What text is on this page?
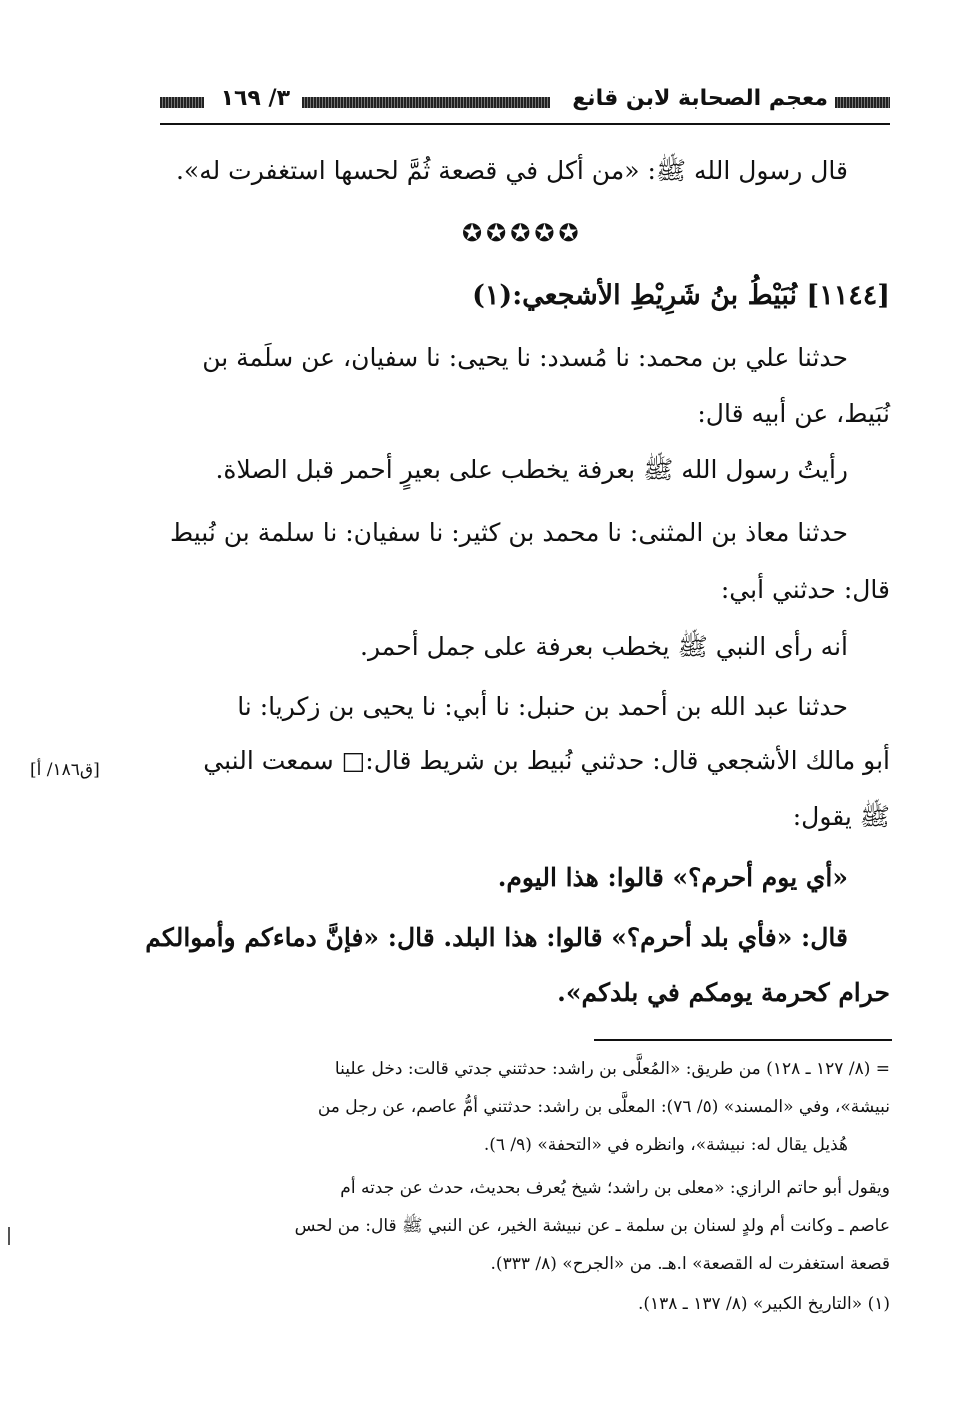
معجم الصحابة لابن قانع
٣/ ١٦٩
قال رسول الله ﷺ: «من أكل في قصعة ثُمَّ لحسها استغفرت له».
✪✪✪✪✪
[١١٤٤] نُبَيْطُ بنُ شَرِيْطِ الأشجعي:(١)
حدثنا علي بن محمد: نا مُسدد: نا يحيى: نا سفيان، عن سلَمة بن
نُبَيط، عن أبيه قال:
رأيتُ رسول الله ﷺ بعرفة يخطب على بعيرٍ أحمر قبل الصلاة.
حدثنا معاذ بن المثنى: نا محمد بن كثير: نا سفيان: نا سلمة بن نُبيط
قال: حدثني أبي:
أنه رأى النبي ﷺ يخطب بعرفة على جمل أحمر.
حدثنا عبد الله بن أحمد بن حنبل: نا أبي: نا يحيى بن زكريا: نا
أبو مالك الأشجعي قال: حدثني نُبيط بن شريط قال:□ سمعت النبي
[ق١٨٦/ أ]
ﷺ يقول:
«أي يوم أحرم؟» قالوا: هذا اليوم.
قال: «فأي بلد أحرم؟» قالوا: هذا البلد. قال: «فإنَّ دماءكم وأموالكم
حرام كحرمة يومكم في بلدكم».
= (٨/ ١٢٧ ـ ١٢٨) من طريق: «المُعلَّى بن راشد: حدثتني جدتي قالت: دخل علينا
نبيشة»، وفي «المسند» (٥/ ٧٦): المعلَّى بن راشد: حدثتني أمُّ عاصم، عن رجل من
هُذيل يقال له: نبيشة»، وانظره في «التحفة» (٩/ ٦).
ويقول أبو حاتم الرازي: «معلى بن راشد؛ شيخ يُعرف بحديث، حدث عن جدته أم
عاصم ـ وكانت أم ولدٍ لسنان بن سلمة ـ عن نبيشة الخير، عن النبي ﷺ قال: من لحس
قصعة استغفرت له القصعة» ا.هـ. من «الجرح» (٨/ ٣٣٣).
(١) «التاريخ الكبير» (٨/ ١٣٧ ـ ١٣٨).
